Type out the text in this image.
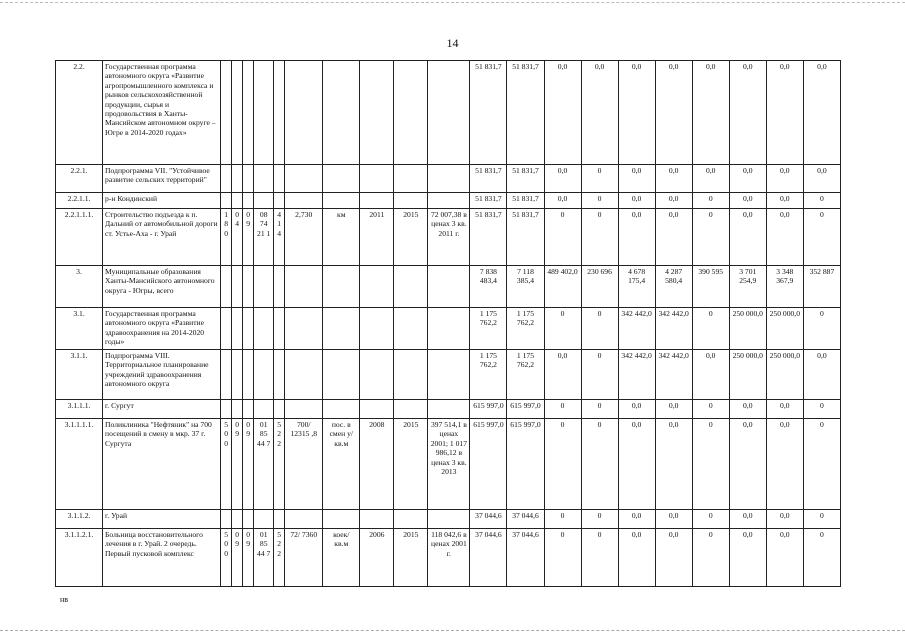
14
2.2.	Государственная программа автономного округа «Развитие агропромышленного комплекса и рынков сельскохозяйственной продукции, сырья и продовольствия в Ханты-Мансийском автономном округе – Югре в 2014-2020 годах»											51 831,7	51 831,7	0,0	0,0	0,0	0,0	0,0	0,0	0,0	0,0
2.2.1.	Подпрограмма VII. "Устойчивое развитие сельских территорий"											51 831,7	51 831,7	0,0	0	0,0	0,0	0,0	0,0	0,0	0,0
2.2.1.1.	р-н Кондинский											51 831,7	51 831,7	0,0	0	0,0	0,0	0	0,0	0,0	0
2.2.1.1.1.	Строительство подъезда к п. Дальний от автомобильной дороги ст. Устье-Аха - г. Урай	1 8 0	0 4	0 9	08 74 21 1	4 1 4	2,730	км	2011	2015	72 007,38 в ценах 3 кв. 2011 г.	51 831,7	51 831,7	0	0	0,0	0,0	0	0,0	0,0	0
3.	Муниципальные образования Ханты-Мансийского автономного округа - Югры, всего											7 838 483,4	7 118 385,4	489 402,0	230 696	4 678 175,4	4 287 580,4	390 595	3 701 254,9	3 348 367,9	352 887
3.1.	Государственная программа автономного округа «Развитие здравоохранения на 2014-2020 годы»											1 175 762,2	1 175 762,2	0	0	342 442,0	342 442,0	0	250 000,0	250 000,0	0
3.1.1.	Подпрограмма VIII. Территориальное планирование учреждений здравоохранения автономного округа											1 175 762,2	1 175 762,2	0,0	0	342 442,0	342 442,0	0,0	250 000,0	250 000,0	0,0
3.1.1.1.	г. Сургут											615 997,0	615 997,0	0	0	0,0	0,0	0	0,0	0,0	0
3.1.1.1.1.	Поликлиника "Нефтяник" на 700 посещений в смену в мкр. 37 г. Сургута	5 0 0	0 9	0 9	01 85 44 7	5 2 2	700/ 12315 ,8	пос. в смен у/ кв.м	2008	2015	397 514,1 в ценах 2001; 1 017 986,12 в ценах 3 кв. 2013	615 997,0	615 997,0	0	0	0,0	0,0	0	0,0	0,0	0
3.1.1.2.	г. Урай											37 044,6	37 044,6	0	0	0,0	0,0	0	0,0	0,0	0
3.1.1.2.1.	Больница восстановительного лечения в г. Урай. 2 очередь. Первый пусковой комплекс	5 0 0	0 9	0 9	01 85 44 7	5 2 2	72/ 7360	коек/ кв.м	2006	2015	118 042,6 в ценах 2001 г.	37 044,6	37 044,6	0	0	0,0	0,0	0	0,0	0,0	0
нв
